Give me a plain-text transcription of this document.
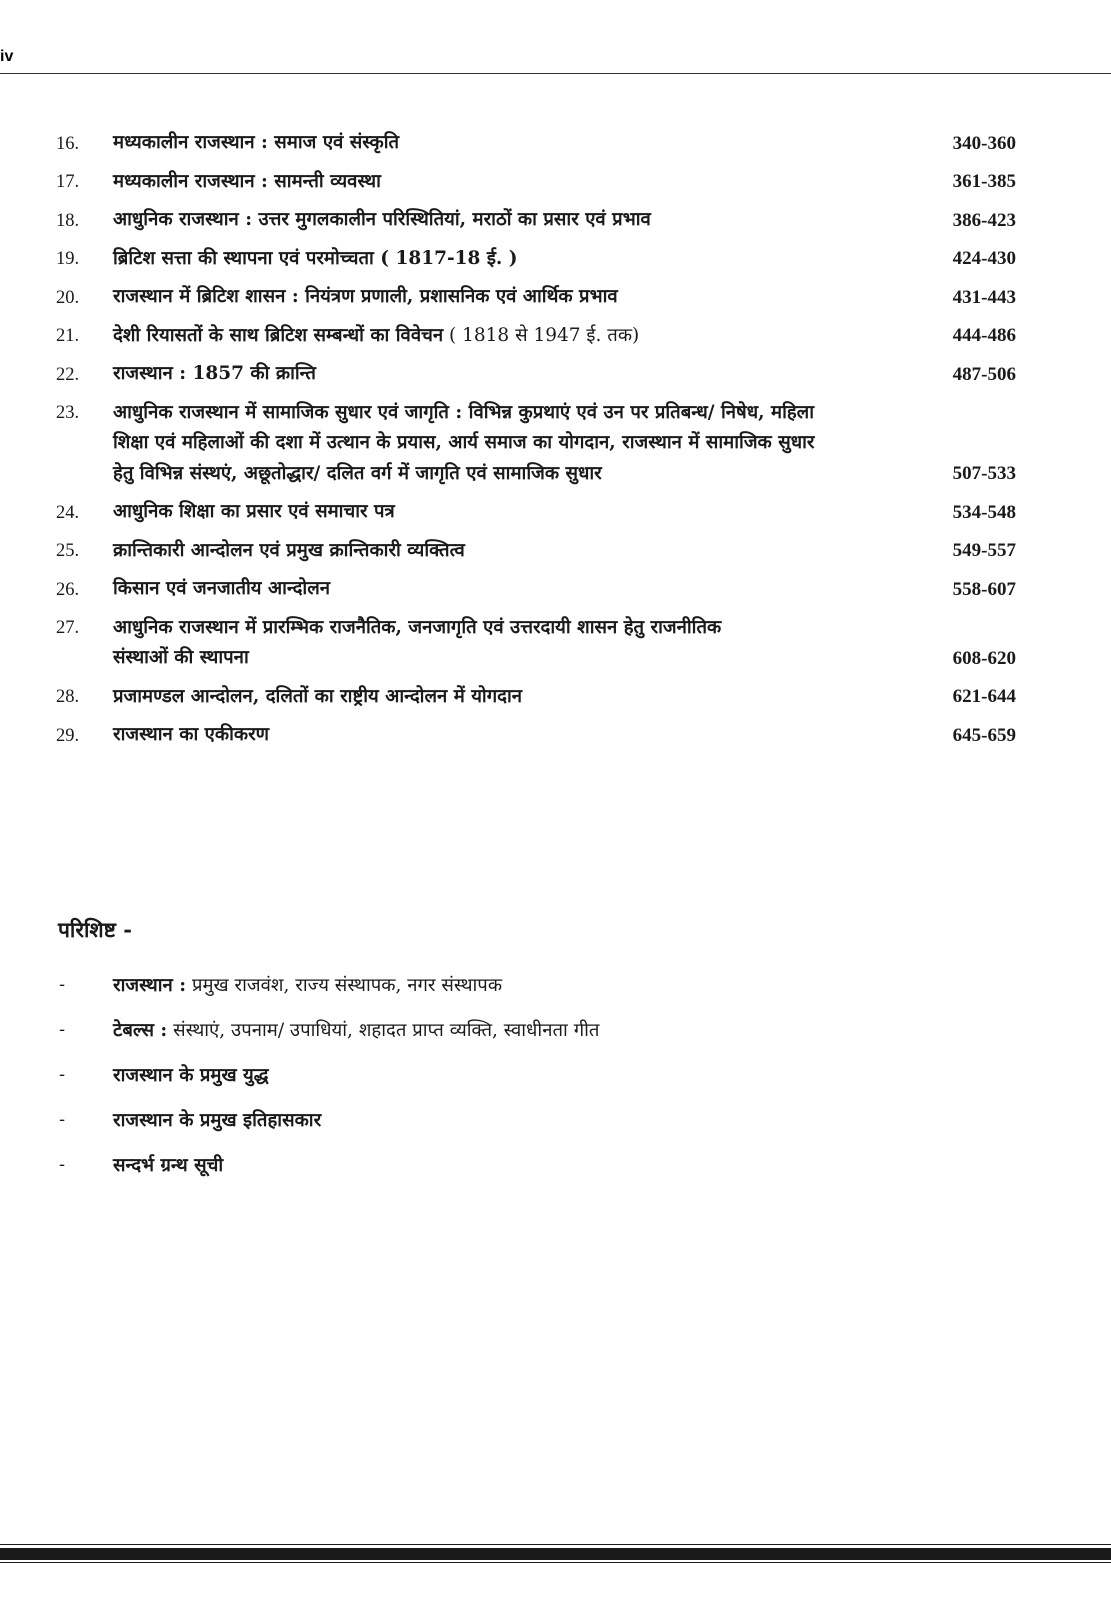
iv
16.	मध्यकालीन राजस्थान : समाज एवं संस्कृति	340-360
17.	मध्यकालीन राजस्थान : सामन्ती व्यवस्था	361-385
18.	आधुनिक राजस्थान : उत्तर मुगलकालीन परिस्थितियां, मराठों का प्रसार एवं प्रभाव	386-423
19.	ब्रिटिश सत्ता की स्थापना एवं परमोच्चता ( 1817-18 ई. )	424-430
20.	राजस्थान में ब्रिटिश शासन : नियंत्रण प्रणाली, प्रशासनिक एवं आर्थिक प्रभाव	431-443
21.	देशी रियासतों के साथ ब्रिटिश सम्बन्धों का विवेचन ( 1818 से 1947 ई. तक)	444-486
22.	राजस्थान : 1857 की क्रान्ति	487-506
23.	आधुनिक राजस्थान में सामाजिक सुधार एवं जागृति : विभिन्न कुप्रथाएं एवं उन पर प्रतिबन्ध/ निषेध, महिला शिक्षा एवं महिलाओं की दशा में उत्थान के प्रयास, आर्य समाज का योगदान, राजस्थान में सामाजिक सुधार हेतु विभिन्न संस्थएं, अछूतोद्धार/ दलित वर्ग में जागृति एवं सामाजिक सुधार	507-533
24.	आधुनिक शिक्षा का प्रसार एवं समाचार पत्र	534-548
25.	क्रान्तिकारी आन्दोलन एवं प्रमुख क्रान्तिकारी व्यक्तित्व	549-557
26.	किसान एवं जनजातीय आन्दोलन	558-607
27.	आधुनिक राजस्थान में प्रारम्भिक राजनैतिक, जनजागृति एवं उत्तरदायी शासन हेतु राजनीतिक संस्थाओं की स्थापना	608-620
28.	प्रजामण्डल आन्दोलन, दलितों का राष्ट्रीय आन्दोलन में योगदान	621-644
29.	राजस्थान का एकीकरण	645-659
परिशिष्ट -
-	राजस्थान : प्रमुख राजवंश, राज्य संस्थापक, नगर संस्थापक
-	टेबल्स : संस्थाएं, उपनाम/ उपाधियां, शहादत प्राप्त व्यक्ति, स्वाधीनता गीत
-	राजस्थान के प्रमुख युद्ध
-	राजस्थान के प्रमुख इतिहासकार
-	सन्दर्भ ग्रन्थ सूची
